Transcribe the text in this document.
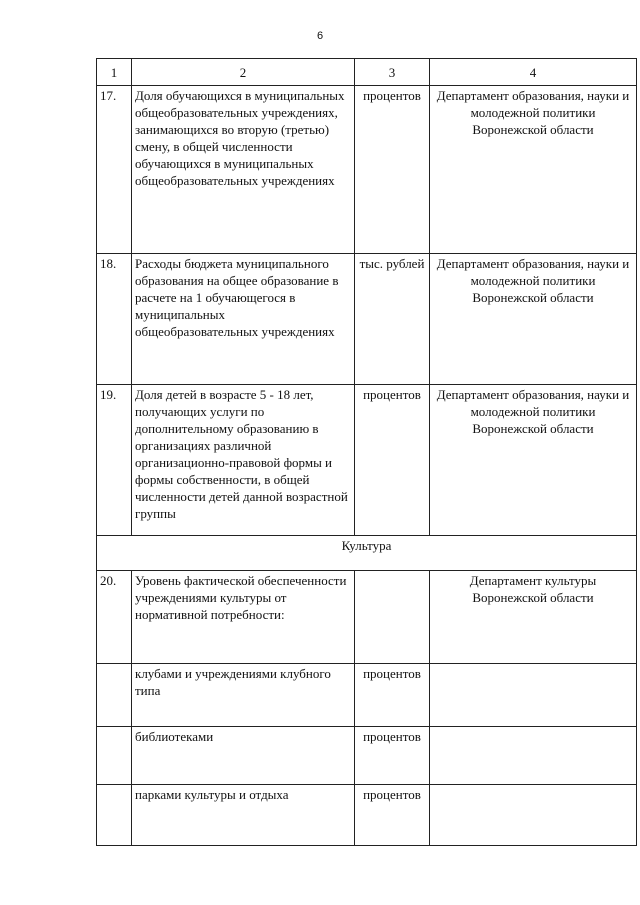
6
1	2	3	4
17.	Доля обучающихся в муниципальных общеобразовательных учреждениях, занимающихся во вторую (третью) смену, в общей численности обучающихся в муниципальных общеобразовательных учреждениях	процентов	Департамент образования, науки и молодежной политики Воронежской области
18.	Расходы бюджета муниципального образования на общее образование в расчете на 1 обучающегося в муниципальных общеобразовательных учреждениях	тыс. рублей	Департамент образования, науки и молодежной политики Воронежской области
19.	Доля детей в возрасте 5 - 18 лет, получающих услуги по дополнительному образованию в организациях различной организационно-правовой формы и формы собственности, в общей численности детей данной возрастной группы	процентов	Департамент образования, науки и молодежной политики Воронежской области
Культура			
20.	Уровень фактической обеспеченности учреждениями культуры от нормативной потребности:		Департамент культуры Воронежской области
	клубами и учреждениями клубного типа	процентов	
	библиотеками	процентов	
	парками культуры и отдыха	процентов	
